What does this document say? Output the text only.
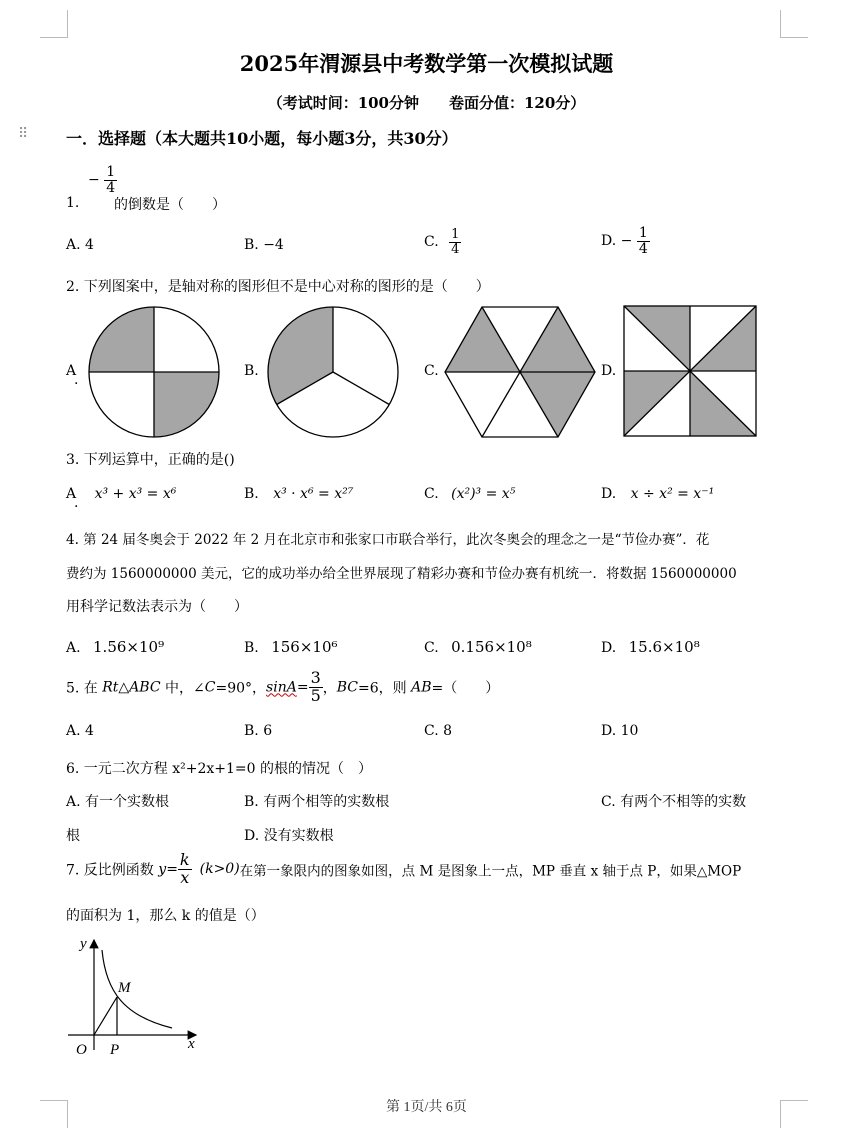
2025年渭源县中考数学第一次模拟试题
（考试时间：100分钟　　卷面分值：120分）
⠿ 一．选择题（本大题共10小题，每小题3分，共30分）
1.
− $\frac{1}{4}$
的倒数是（　　）
A. 4	B. −4	C. $\frac{1}{4}$	D. − $\frac{1}{4}$
2. 下列图案中，是轴对称的图形但不是中心对称的图形的是（　　）
A
.
B.	C.	D.
3. 下列运算中，正确的是()
A x³ + x³ = x⁶
.
B. x³ · x⁶ = x²⁷	C. (x²)³ = x⁵	D. x ÷ x² = x⁻¹
4. 第 24 届冬奥会于 2022 年 2 月在北京市和张家口市联合举行，此次冬奥会的理念之一是“节俭办赛”．花
费约为 1560000000 美元，它的成功举办给全世界展现了精彩办赛和节俭办赛有机统一．将数据 1560000000
用科学记数法表示为（　　）
A. 1.56×10⁹	B. 156×10⁶	C. 0.156×10⁸	D. 15.6×10⁸
5. 在 Rt△ABC 中，∠C=90°，$\sin A= \frac{3}{5}$ ，BC=6，则 AB=（　　）
A. 4	B. 6	C. 8	D. 10
6. 一元二次方程 x²+2x+1=0 的根的情况（　）
A. 有一个实数根	B. 有两个相等的实数根	C. 有两个不相等的实数
根	D. 没有实数根
7. 反比例函数 $y= \frac{k}{x} (k>0)$在第一象限内的图象如图，点 M 是图象上一点，MP 垂直 x 轴于点 P，如果△MOP
的面积为 1，那么 k 的值是（）
y
x
O P
M
第 1页/共 6页
